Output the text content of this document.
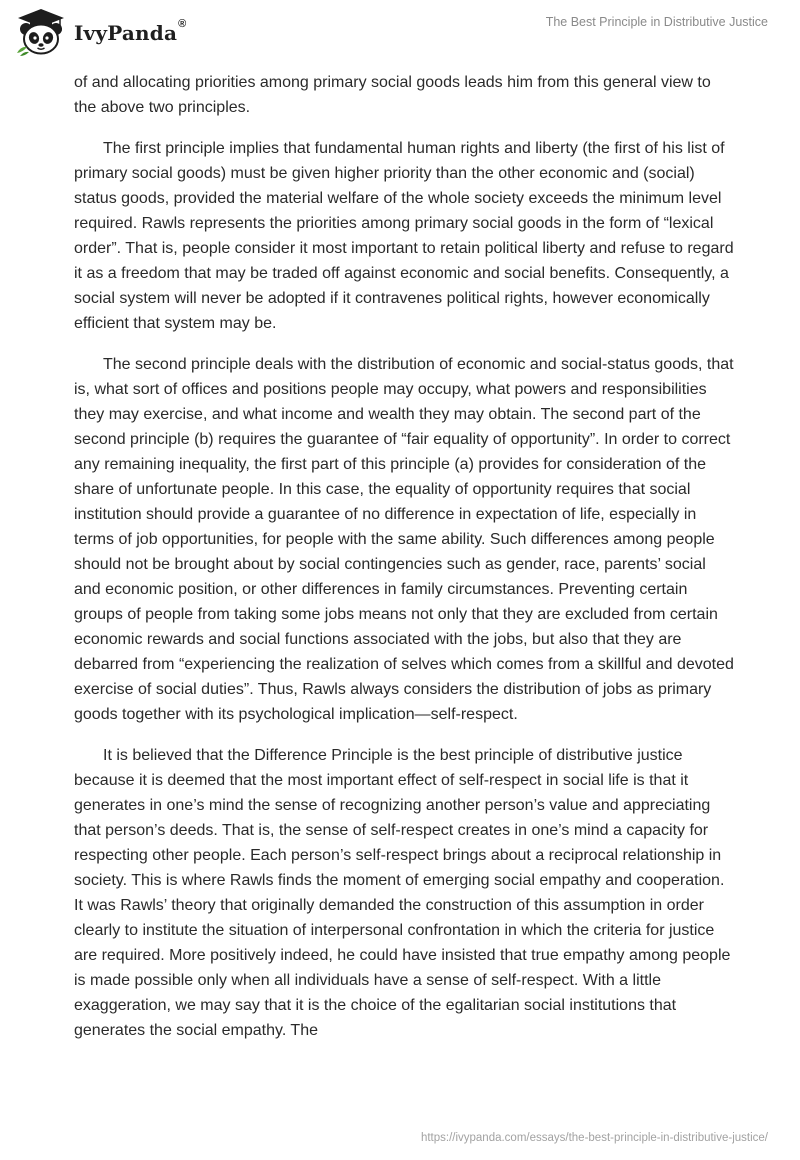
IvyPanda®	The Best Principle in Distributive Justice

of and allocating priorities among primary social goods leads him from this general view to the above two principles.

The first principle implies that fundamental human rights and liberty (the first of his list of primary social goods) must be given higher priority than the other economic and (social) status goods, provided the material welfare of the whole society exceeds the minimum level required. Rawls represents the priorities among primary social goods in the form of “lexical order”. That is, people consider it most important to retain political liberty and refuse to regard it as a freedom that may be traded off against economic and social benefits. Consequently, a social system will never be adopted if it contravenes political rights, however economically efficient that system may be.

The second principle deals with the distribution of economic and social-status goods, that is, what sort of offices and positions people may occupy, what powers and responsibilities they may exercise, and what income and wealth they may obtain. The second part of the second principle (b) requires the guarantee of “fair equality of opportunity”. In order to correct any remaining inequality, the first part of this principle (a) provides for consideration of the share of unfortunate people. In this case, the equality of opportunity requires that social institution should provide a guarantee of no difference in expectation of life, especially in terms of job opportunities, for people with the same ability. Such differences among people should not be brought about by social contingencies such as gender, race, parents’ social and economic position, or other differences in family circumstances. Preventing certain groups of people from taking some jobs means not only that they are excluded from certain economic rewards and social functions associated with the jobs, but also that they are debarred from “experiencing the realization of selves which comes from a skillful and devoted exercise of social duties”. Thus, Rawls always considers the distribution of jobs as primary goods together with its psychological implication—self-respect.

It is believed that the Difference Principle is the best principle of distributive justice because it is deemed that the most important effect of self-respect in social life is that it generates in one’s mind the sense of recognizing another person’s value and appreciating that person’s deeds. That is, the sense of self-respect creates in one’s mind a capacity for respecting other people. Each person’s self-respect brings about a reciprocal relationship in society. This is where Rawls finds the moment of emerging social empathy and cooperation. It was Rawls’ theory that originally demanded the construction of this assumption in order clearly to institute the situation of interpersonal confrontation in which the criteria for justice are required. More positively indeed, he could have insisted that true empathy among people is made possible only when all individuals have a sense of self-respect. With a little exaggeration, we may say that it is the choice of the egalitarian social institutions that generates the social empathy. The

https://ivypanda.com/essays/the-best-principle-in-distributive-justice/
